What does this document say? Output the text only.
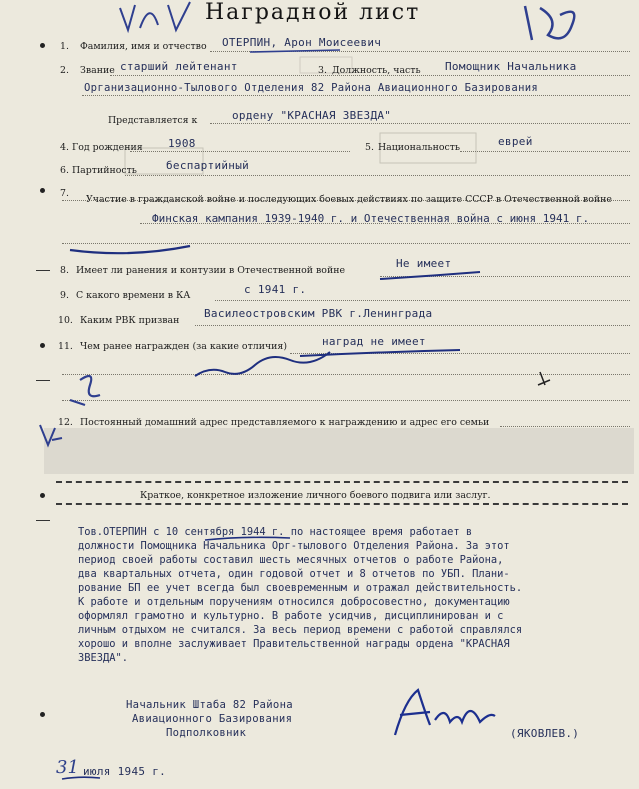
Наградной лист
1. Фамилия, имя и отчество ОТЕРПИН, Арон Моисеевич
2. Звание старший лейтенант	3. Должность, часть Помощник Начальника
Организационно-Тылового Отделения 82 Района Авиационного Базирования
Представляется к	ордену "КРАСНАЯ ЗВЕЗДА"
4. Год рождения 1908	5. Национальность	еврей
6. Партийность	беспартийный
7.
Участие в гражданской войне и последующих боевых действиях по защите СССР в Отечественной войне
Финская кампания 1939-1940 г. и Отечественная война с июня 1941 г.
8. Имеет ли ранения и контузии в Отечественной войне
Не имеет
9. С какого времени в КА	с 1941 г.
10. Каким РВК призван
Василеостровским РВК г.Ленинграда
11. Чем ранее награжден (за какие отличия)	наград не имеет
12. Постоянный домашний адрес представляемого к награждению и адрес его семьи
Краткое, конкретное изложение личного боевого подвига или заслуг.
Тов.ОТЕРПИН с 10 сентября 1944 г. по настоящее время работает в
должности Помощника Начальника Орг-тылового Отделения Района. За этот
период своей работы составил шесть месячных отчетов о работе Района,
два квартальных отчета, один годовой отчет и 8 отчетов по УБП. Плани-
рование БП ее учет всегда был своевременным и отражал действительность.
К работе и отдельным поручениям относился добросовестно, документацию
оформлял грамотно и культурно. В работе усидчив, дисциплинирован и с
личным отдыхом не считался. За весь период времени с работой справлялся
хорошо и вполне заслуживает Правительственной награды ордена "КРАСНАЯ
ЗВЕЗДА".
Начальник Штаба 82 Района
Авиационного Базирования
Подполковник	(ЯКОВЛЕВ.)
31 июля 1945 г.
